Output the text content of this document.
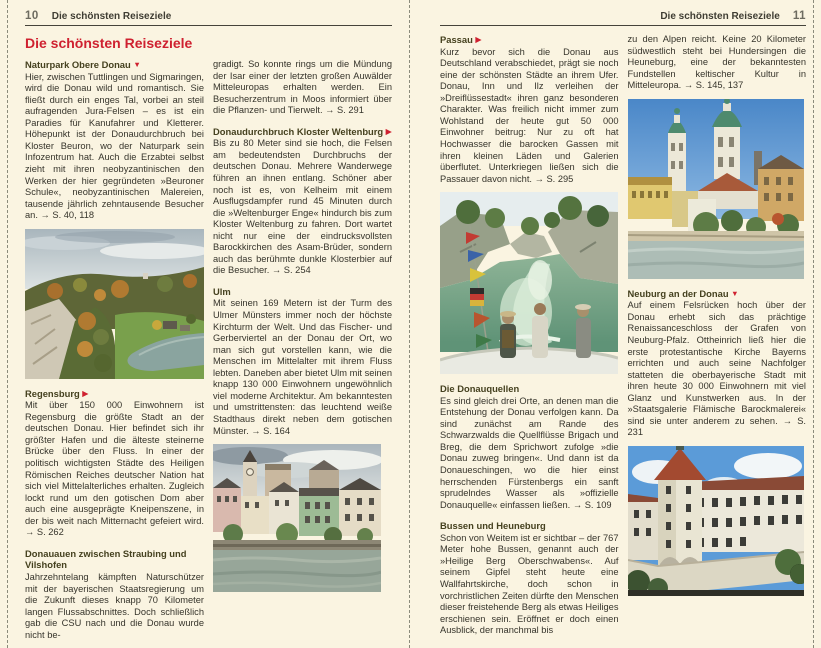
10 Die schönsten Reiseziele
Die schönsten Reiseziele
Naturpark Obere Donau ▼

Hier, zwischen Tuttlingen und Sigmaringen, wird die Donau wild und romantisch. Sie fließt durch ein enges Tal, vorbei an steil aufragenden Jura-Felsen – es ist ein Paradies für Kanufahrer und Kletterer. Höhepunkt ist der Donaudurchbruch bei Kloster Beuron, wo der Naturpark sein Infozentrum hat. Auch die Erzabtei selbst zieht mit ihren neobyzantinischen den Werken der hier gegründeten »Beuroner Schule«, neobyzantinischen Malereien, tausende jährlich zehntausende Besucher an. → S. 40, 118

Regensburg ▶

Mit über 150 000 Einwohnern ist Regensburg die größte Stadt an der deutschen Donau. Hier befindet sich ihr größter Hafen und die älteste steinerne Brücke über den Fluss. In einer der politisch wichtigsten Städte des Heiligen Römischen Reiches deutscher Nation hat sich viel Mittelalterliches erhalten. Zugleich lockt rund um den gotischen Dom aber auch eine ausgeprägte Kneipenszene, in der bis weit nach Mitternacht gefeiert wird. → S. 262

Donauauen zwischen Straubing und Vilshofen

Jahrzehntelang kämpften Naturschützer mit der bayerischen Staatsregierung um die Zukunft dieses knapp 70 Kilometer langen Flussabschnittes. Doch schließlich gab die CSU nach und die Donau wurde nicht be-

gradigt. So konnte rings um die Mündung der Isar einer der letzten großen Auwälder Mitteleuropas erhalten werden. Ein Besucherzentrum in Moos informiert über die Pflanzen- und Tierwelt. → S. 291

Donaudurchbruch Kloster Weltenburg ▶

Bis zu 80 Meter sind sie hoch, die Felsen am bedeutendsten Durchbruchs der deutschen Donau. Mehrere Wanderwege führen an ihnen entlang. Schöner aber noch ist es, von Kelheim mit einem Ausflugsdampfer rund 45 Minuten durch die »Weltenburger Enge« hindurch bis zum Kloster Weltenburg zu fahren. Dort wartet nicht nur eine der eindrucksvollsten Barockkirchen des Asam-Brüder, sondern auch das berühmte dunkle Klosterbier auf die Besucher. → S. 254

Ulm

Mit seinen 169 Metern ist der Turm des Ulmer Münsters immer noch der höchste Kirchturm der Welt. Und das Fischer- und Gerberviertel an der Donau der Ort, wo man sich gut vorstellen kann, wie die Menschen im Mittelalter mit ihrem Fluss lebten. Daneben aber bietet Ulm mit seinen knapp 130 000 Einwohnern ungewöhnlich viel moderne Architektur. Am bekanntesten und umstrittensten: das leuchtend weiße Stadthaus direkt neben dem gotischen Münster. → S. 164

Die schönsten Reiseziele 11
Passau ▶

Kurz bevor sich die Donau aus Deutschland verabschiedet, prägt sie noch eine der schönsten Städte an ihrem Ufer. Donau, Inn und Ilz verleihen der »Dreiflüssestadt« ihren ganz besonderen Charakter. Was freilich nicht immer zum Wohlstand der heute gut 50 000 Einwohner beitrug: Nur zu oft hat Hochwasser die barocken Gassen mit ihren kleinen Läden und Galerien überflutet. Unterkriegen ließen sich die Passauer davon nicht. → S. 295

Die Donauquellen

Es sind gleich drei Orte, an denen man die Entstehung der Donau verfolgen kann. Da sind zunächst am Rande des Schwarzwalds die Quellflüsse Brigach und Breg, die dem Sprichwort zufolge »die Donau zuweg bringen«. Und dann ist da Donaueschingen, wo die hier einst herrschenden Fürstenbergs ein sanft sprudelndes Wasser als »offizielle Donauquelle« einfassen ließen. → S. 109

Bussen und Heuneburg

Schon von Weitem ist er sichtbar – der 767 Meter hohe Bussen, genannt auch der »Heilige Berg Oberschwabens«. Auf seinem Gipfel steht heute eine Wallfahrtskirche, doch schon in vorchristlichen Zeiten dürfte den Menschen dieser freistehende Berg als etwas Heiliges erschienen sein. Eröffnet er doch einen Ausblick, der manchmal bis

zu den Alpen reicht. Keine 20 Kilometer südwestlich steht bei Hundersingen die Heuneburg, eine der bekanntesten Fundstellen keltischer Kultur in Mitteleuropa. → S. 145, 137

Neuburg an der Donau ▼

Auf einem Felsrücken hoch über der Donau erhebt sich das prächtige Renaissanceschloss der Grafen von Neuburg-Pfalz. Ottheinrich ließ hier die erste protestantische Kirche Bayerns errichten und auch seine Nachfolger statteten die oberbayerische Stadt mit ihren heute 30 000 Einwohnern mit viel Glanz und Kunstwerken aus. In der »Staatsgalerie Flämische Barockmalerei« sind sie unter anderem zu sehen. → S. 231
